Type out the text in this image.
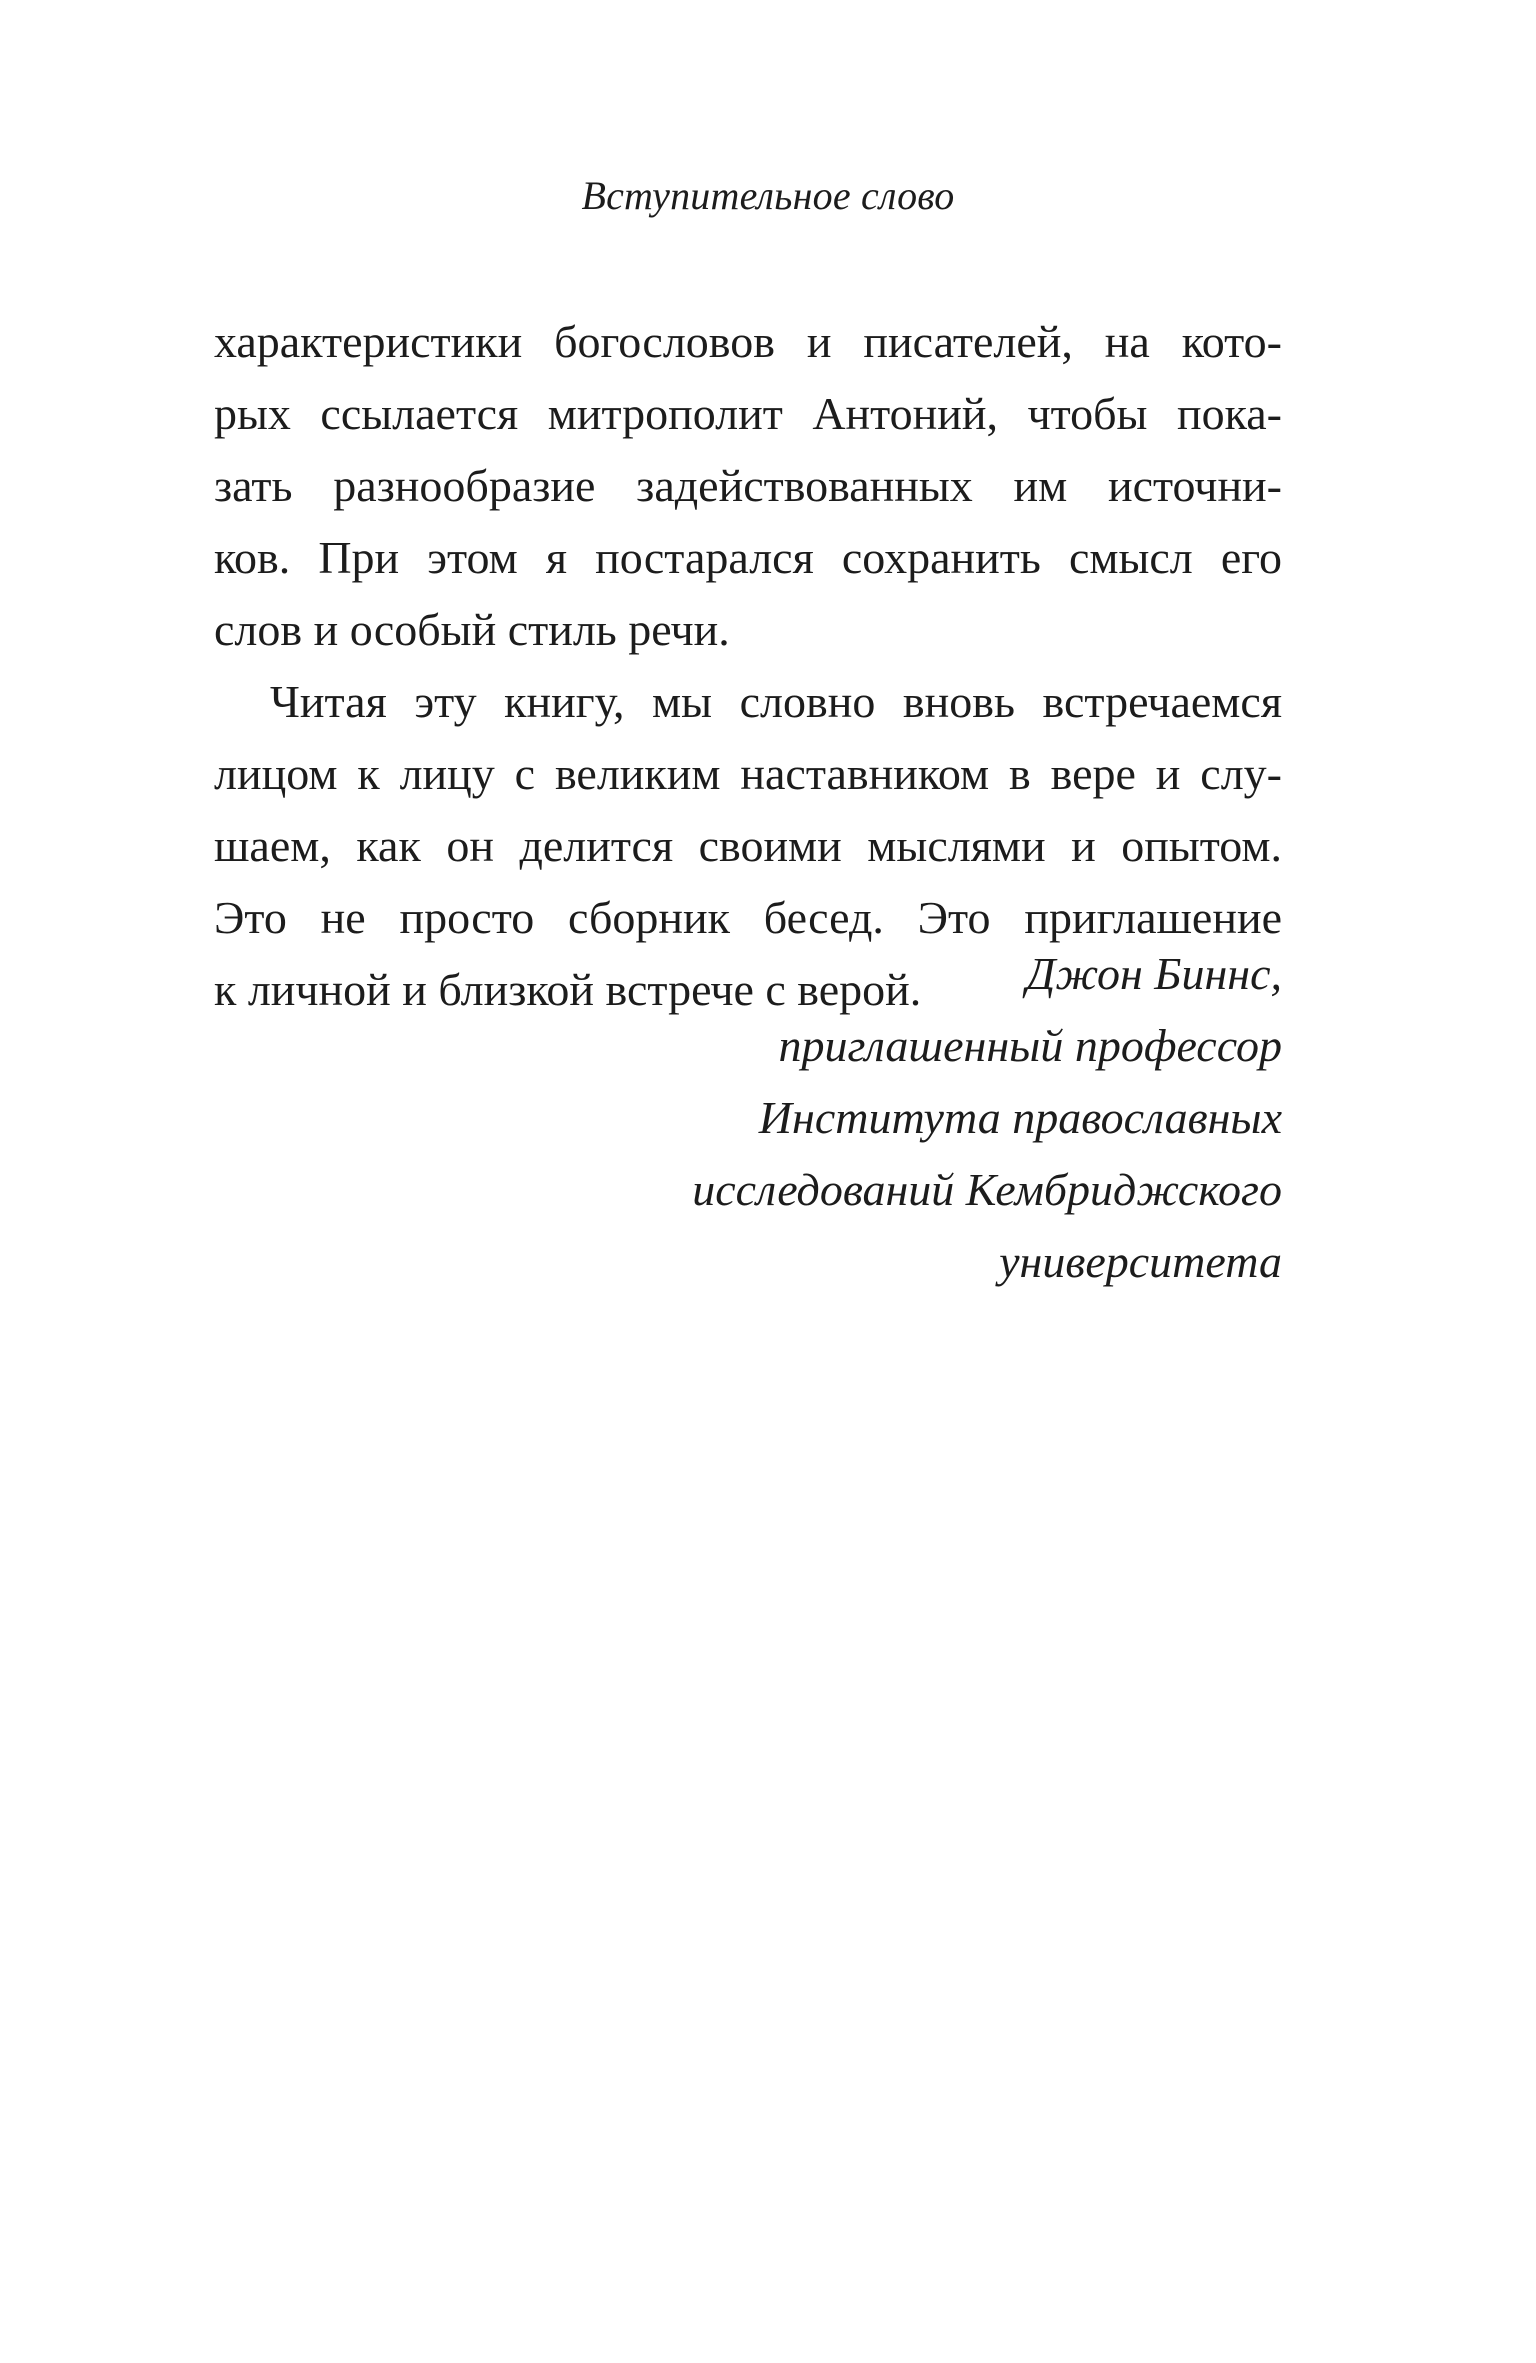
Вступительное слово
характеристики богословов и писателей, на кото-
рых ссылается митрополит Антоний, чтобы пока-
зать разнообразие задействованных им источни-
ков. При этом я постарался сохранить смысл его
слов и особый стиль речи.
Читая эту книгу, мы словно вновь встречаемся
лицом к лицу с великим наставником в вере и слу-
шаем, как он делится своими мыслями и опытом.
Это не просто сборник бесед. Это приглашение
к личной и близкой встрече с верой.	Джон Биннс,
приглашенный профессор
Института православных
исследований Кембриджского
университета
